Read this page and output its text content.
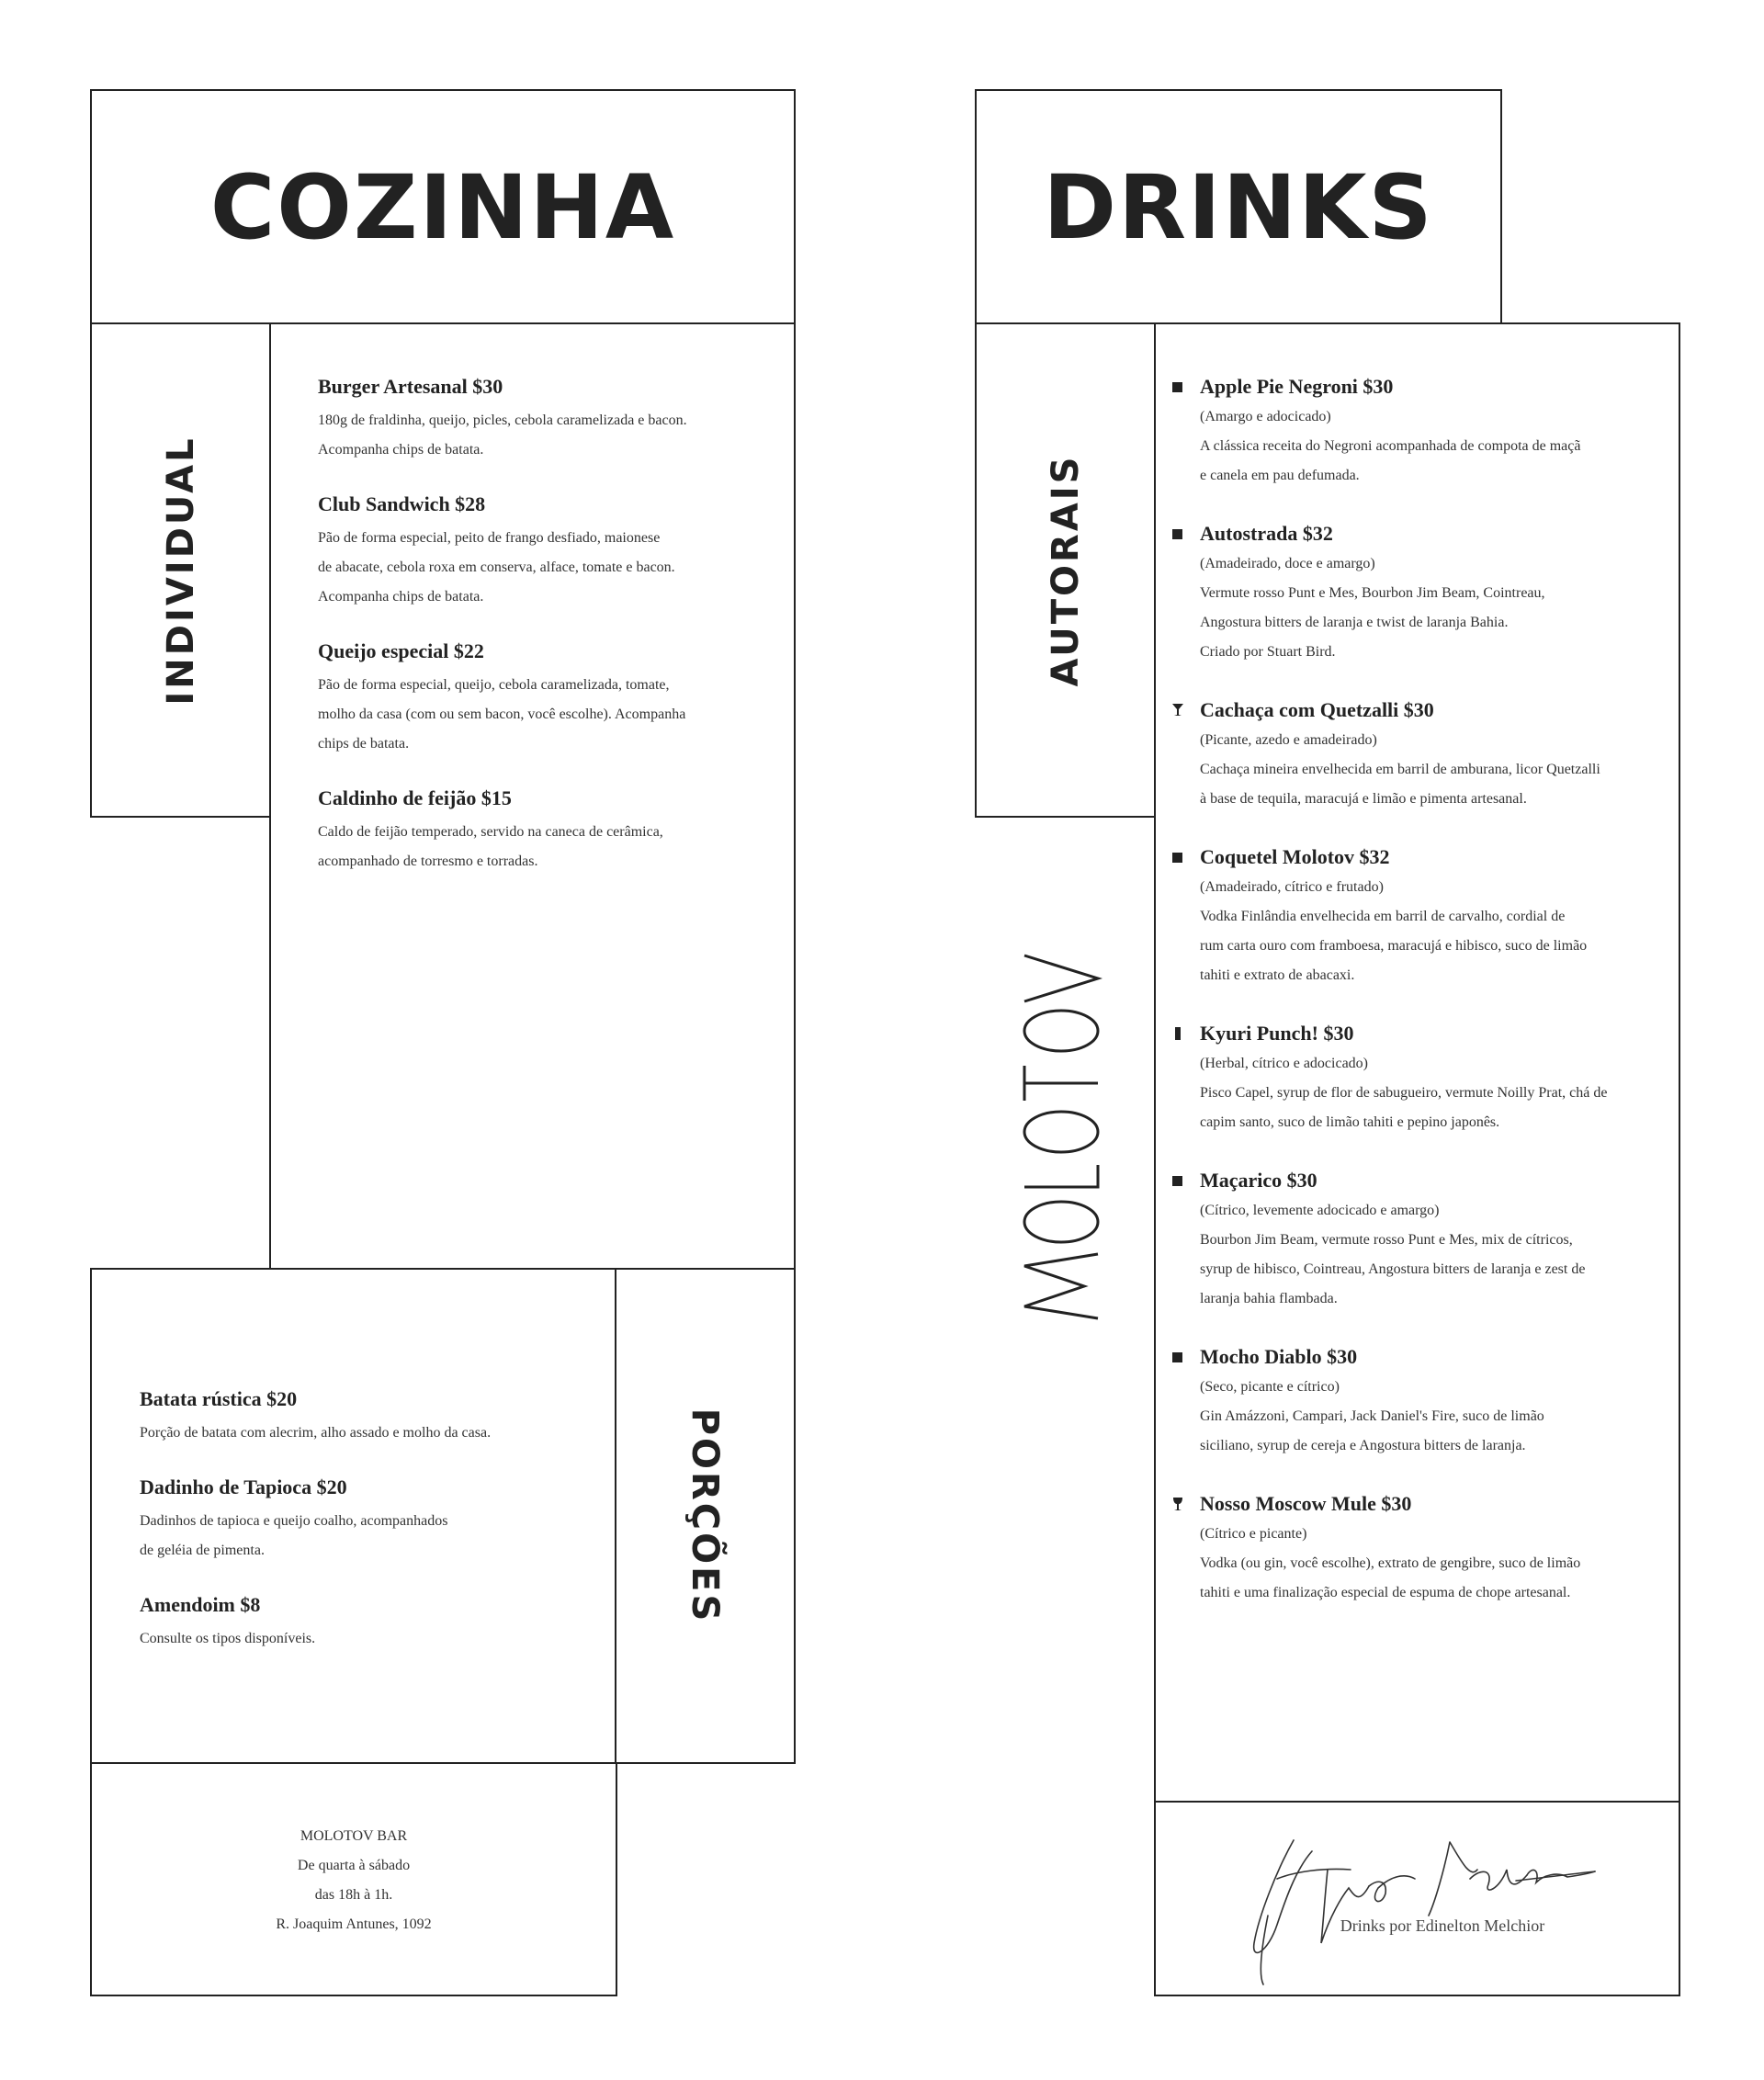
COZINHA
INDIVIDUAL

Burger Artesanal $30

180g de fraldinha, queijo, picles, cebola caramelizada e bacon.

Acompanha chips de batata.

Club Sandwich $28

Pão de forma especial, peito de frango desfiado, maionese

de abacate, cebola roxa em conserva, alface, tomate e bacon.

Acompanha chips de batata.

Queijo especial $22

Pão de forma especial, queijo, cebola caramelizada, tomate,

molho da casa (com ou sem bacon, você escolhe). Acompanha

chips de batata.

Caldinho de feijão $15

Caldo de feijão temperado, servido na caneca de cerâmica,

acompanhado de torresmo e torradas.

PORÇÕES

Batata rústica $20

Porção de batata com alecrim, alho assado e molho da casa.

Dadinho de Tapioca $20

Dadinhos de tapioca e queijo coalho, acompanhados

de geléia de pimenta.

Amendoim $8

Consulte os tipos disponíveis.

MOLOTOV BAR

De quarta à sábado

das 18h à 1h.

R. Joaquim Antunes, 1092

DRINKS
AUTORAIS

Apple Pie Negroni $30

(Amargo e adocicado)

A clássica receita do Negroni acompanhada de compota de maçã

e canela em pau defumada.

Autostrada $32

(Amadeirado, doce e amargo)

Vermute rosso Punt e Mes, Bourbon Jim Beam, Cointreau,

Angostura bitters de laranja e twist de laranja Bahia.

Criado por Stuart Bird.

Cachaça com Quetzalli $30

(Picante, azedo e amadeirado)

Cachaça mineira envelhecida em barril de amburana, licor Quetzalli

à base de tequila, maracujá e limão e pimenta artesanal.

Coquetel Molotov $32

(Amadeirado, cítrico e frutado)

Vodka Finlândia envelhecida em barril de carvalho, cordial de

rum carta ouro com framboesa, maracujá e hibisco, suco de limão

tahiti e extrato de abacaxi.

Kyuri Punch! $30

(Herbal, cítrico e adocicado)

Pisco Capel, syrup de flor de sabugueiro, vermute Noilly Prat, chá de

capim santo, suco de limão tahiti e pepino japonês.

Maçarico $30

(Cítrico, levemente adocicado e amargo)

Bourbon Jim Beam, vermute rosso Punt e Mes, mix de cítricos,

syrup de hibisco, Cointreau, Angostura bitters de laranja e zest de

laranja bahia flambada.

Mocho Diablo $30

(Seco, picante e cítrico)

Gin Amázzoni, Campari, Jack Daniel's Fire, suco de limão

siciliano, syrup de cereja e Angostura bitters de laranja.

Nosso Moscow Mule $30

(Cítrico e picante)

Vodka (ou gin, você escolhe), extrato de gengibre, suco de limão

tahiti e uma finalização especial de espuma de chope artesanal.

Drinks por Edinelton Melchior
